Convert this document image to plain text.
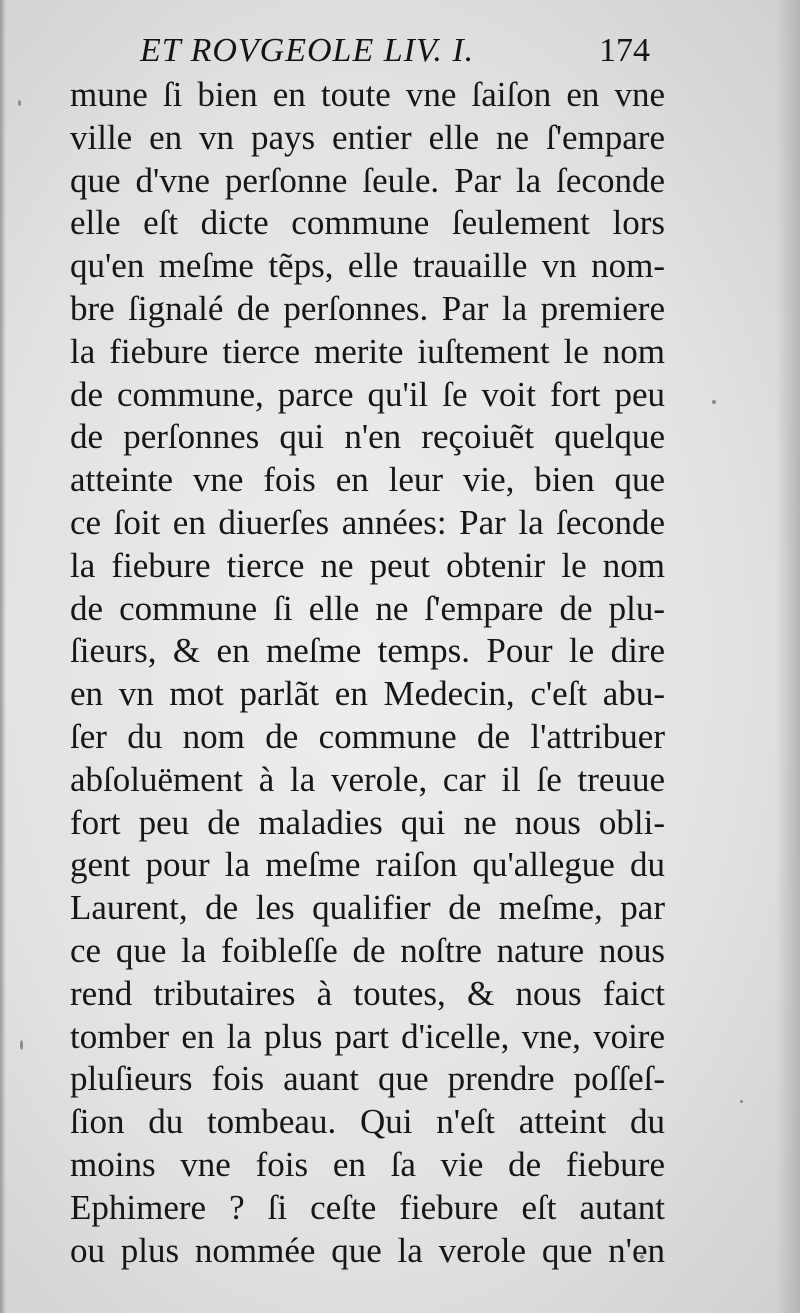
ET ROVGEOLE LIV. I.	174
mune ſi bien en toute vne ſaiſon en vne
ville en vn pays entier elle ne ſ'empare
que d'vne perſonne ſeule. Par la ſeconde
elle eſt dicte commune ſeulement lors
qu'en meſme tẽps, elle trauaille vn nom-
bre ſignalé de perſonnes. Par la premiere
la fiebure tierce merite iuſtement le nom
de commune, parce qu'il ſe voit fort peu
de perſonnes qui n'en reçoiuẽt quelque
atteinte vne fois en leur vie, bien que
ce ſoit en diuerſes années: Par la ſeconde
la fiebure tierce ne peut obtenir le nom
de commune ſi elle ne ſ'empare de plu-
ſieurs, & en meſme temps. Pour le dire
en vn mot parlãt en Medecin, c'eſt abu-
ſer du nom de commune de l'attribuer
abſoluëment à la verole, car il ſe treuue
fort peu de maladies qui ne nous obli-
gent pour la meſme raiſon qu'allegue du
Laurent, de les qualifier de meſme, par
ce que la foibleſſe de noſtre nature nous
rend tributaires à toutes, & nous faict
tomber en la plus part d'icelle, vne, voire
pluſieurs fois auant que prendre poſſeſ-
ſion du tombeau. Qui n'eſt atteint du
moins vne fois en ſa vie de fiebure
Ephimere ? ſi ceſte fiebure eſt autant
ou plus nommée que la verole que n'en
